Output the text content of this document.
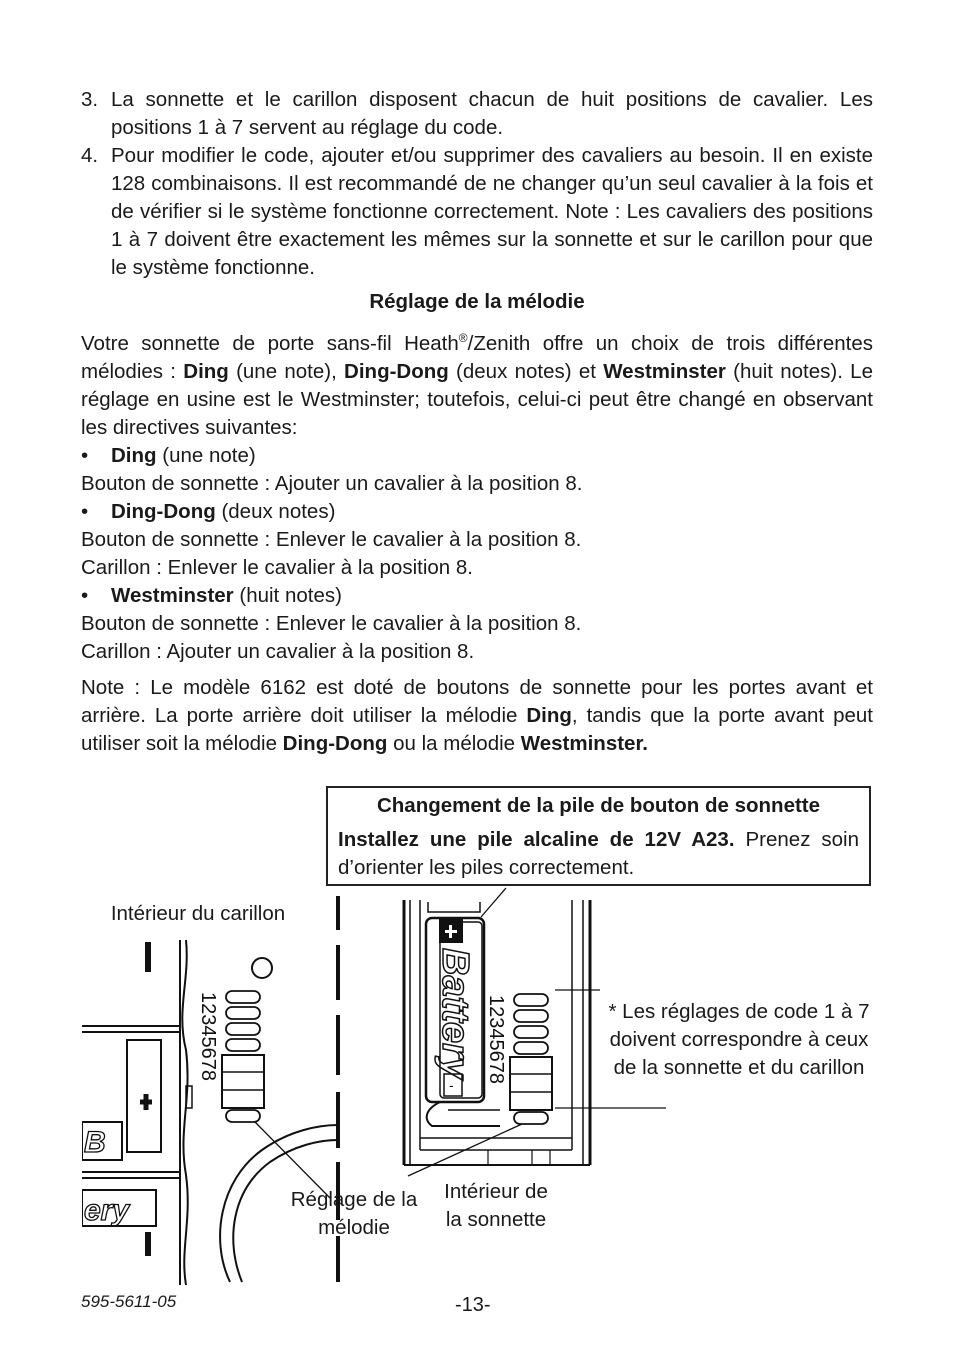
3. La sonnette et le carillon disposent chacun de huit positions de cavalier. Les positions 1 à 7 servent au réglage du code.
4. Pour modifier le code, ajouter et/ou supprimer des cavaliers au besoin. Il en existe 128 combinaisons. Il est recommandé de ne changer qu’un seul cavalier à la fois et de vérifier si le système fonctionne correctement. Note : Les cavaliers des positions 1 à 7 doivent être exactement les mêmes sur la sonnette et sur le carillon pour que le système fonctionne.
Réglage de la mélodie
Votre sonnette de porte sans-fil Heath®/Zenith offre un choix de trois différentes mélodies : Ding (une note), Ding-Dong (deux notes) et Westminster (huit notes). Le réglage en usine est le Westminster; toutefois, celui-ci peut être changé en observant les directives suivantes:
•	Ding (une note)
Bouton de sonnette : Ajouter un cavalier à la position 8.
•	Ding-Dong (deux notes)
Bouton de sonnette : Enlever le cavalier à la position 8.
Carillon : Enlever le cavalier à la position 8.
•	Westminster (huit notes)
Bouton de sonnette : Enlever le cavalier à la position 8.
Carillon : Ajouter un cavalier à la position 8.
Note : Le modèle 6162 est doté de boutons de sonnette pour les portes avant et arrière. La porte arrière doit utiliser la mélodie Ding, tandis que la porte avant peut utiliser soit la mélodie Ding-Dong ou la mélodie Westminster.
B
ery
12345678
-
Battery 12345678
Changement de la pile de bouton de sonnette
Installez une pile alcaline de 12V A23. Prenez soin d’orienter les piles correctement.
Intérieur du carillon
* Les réglages de code 1 à 7 doivent correspondre à ceux de la sonnette et du carillon
Réglage de la mélodie
Intérieur de la sonnette
595-5611-05	-13-
